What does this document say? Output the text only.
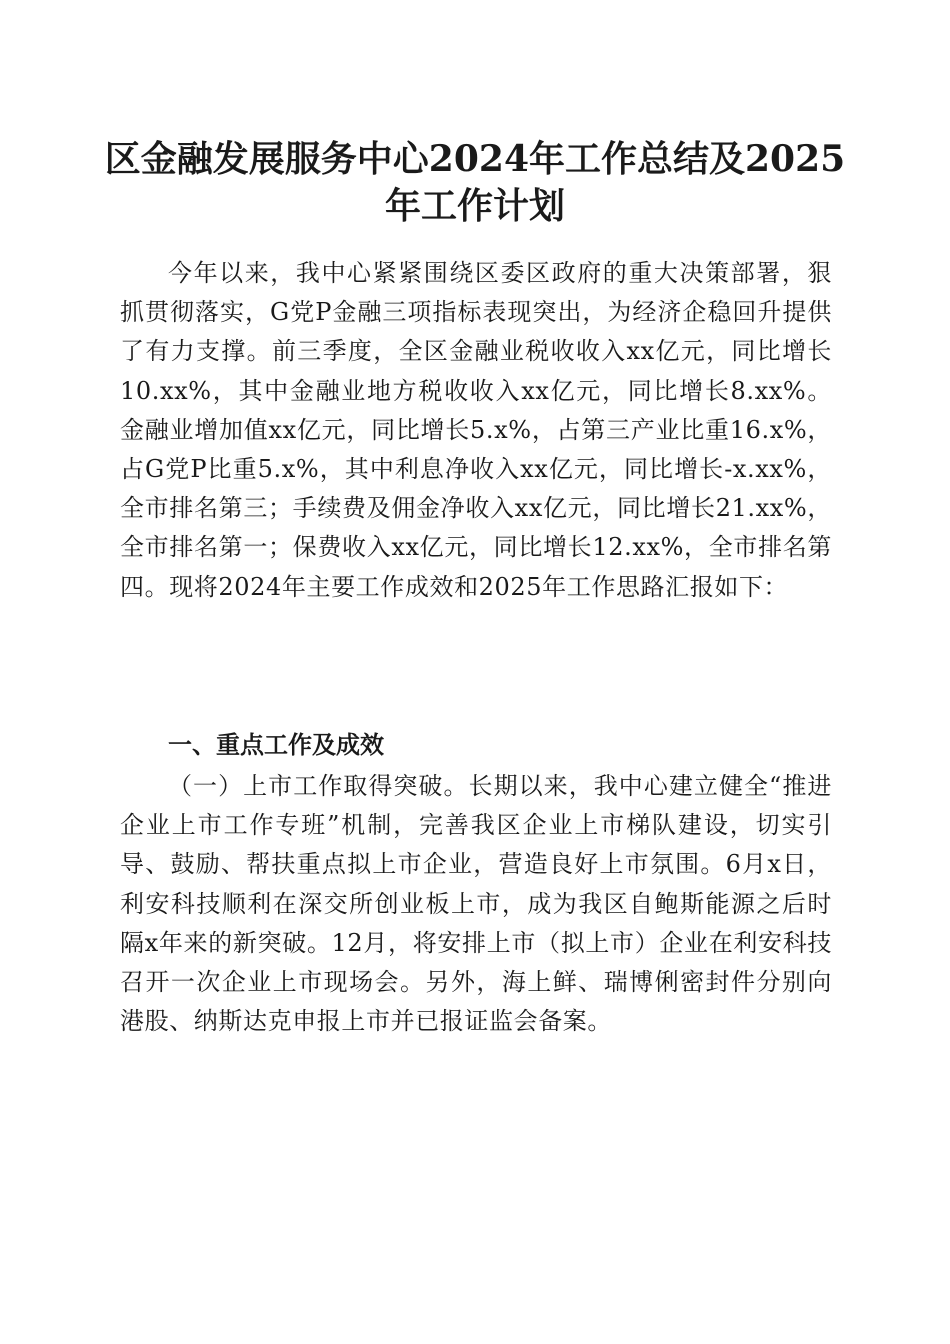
区金融发展服务中心2024年工作总结及2025年工作计划

今年以来，我中心紧紧围绕区委区政府的重大决策部署，狠抓贯彻落实，G党P金融三项指标表现突出，为经济企稳回升提供了有力支撑。前三季度，全区金融业税收收入xx亿元，同比增长10.xx%，其中金融业地方税收收入xx亿元，同比增长8.xx%。金融业增加值xx亿元，同比增长5.x%，占第三产业比重16.x%，占G党P比重5.x%，其中利息净收入xx亿元，同比增长-x.xx%，全市排名第三；手续费及佣金净收入xx亿元，同比增长21.xx%，全市排名第一；保费收入xx亿元，同比增长12.xx%，全市排名第四。现将2024年主要工作成效和2025年工作思路汇报如下：

一、重点工作及成效

（一）上市工作取得突破。长期以来，我中心建立健全“推进企业上市工作专班”机制，完善我区企业上市梯队建设，切实引导、鼓励、帮扶重点拟上市企业，营造良好上市氛围。6月x日，利安科技顺利在深交所创业板上市，成为我区自鲍斯能源之后时隔x年来的新突破。12月，将安排上市（拟上市）企业在利安科技召开一次企业上市现场会。另外，海上鲜、瑞博俐密封件分别向港股、纳斯达克申报上市并已报证监会备案。
